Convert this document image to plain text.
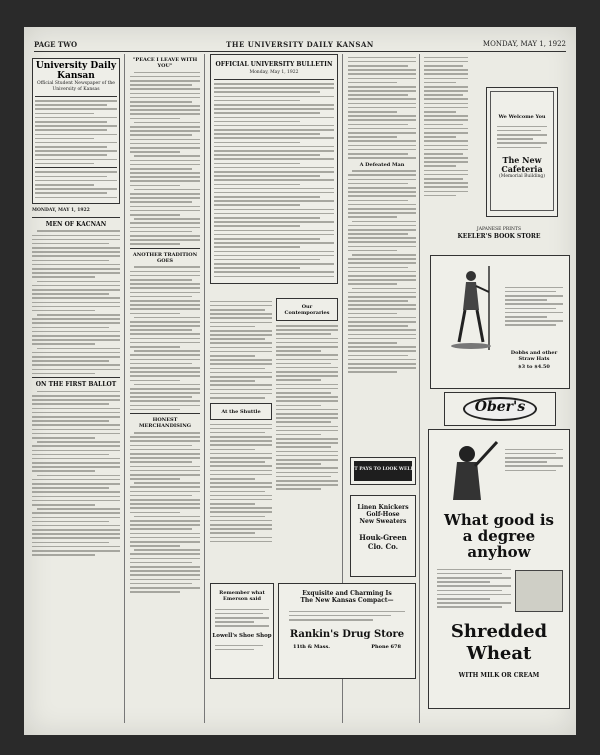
PAGE TWO	THE UNIVERSITY DAILY KANSAN	MONDAY, MAY 1, 1922
University Daily Kansan
Official Student Newspaper of the University of Kansas
MONDAY, MAY 1, 1922
MEN OF KACNAN
ON THE FIRST BALLOT
"PEACE I LEAVE WITH YOU"
ANOTHER TRADITION GOES
HONEST MERCHANDISING
OFFICIAL UNIVERSITY BULLETIN
Monday, May 1, 1922
At the Shuttle
Our Contemporaries
A Defeated Man
IT PAYS TO LOOK WELL
Linen Knickers
Golf-Hose
New Sweaters
Houk-Green
Clo. Co.
Remember what Emerson said
Lowell's Shoe Shop
Exquisite and Charming Is
The New Kansas Compact—
Rankin's Drug Store
11th & Mass.	Phone 678
We Welcome You
The New Cafeteria
(Memorial Building)
JAPANESE PRINTS
KEELER'S BOOK STORE
Dobbs and other Straw Hats
$3 to $4.50
Ober's
What good is
a degree
anyhow
Shredded
Wheat
WITH MILK OR CREAM
